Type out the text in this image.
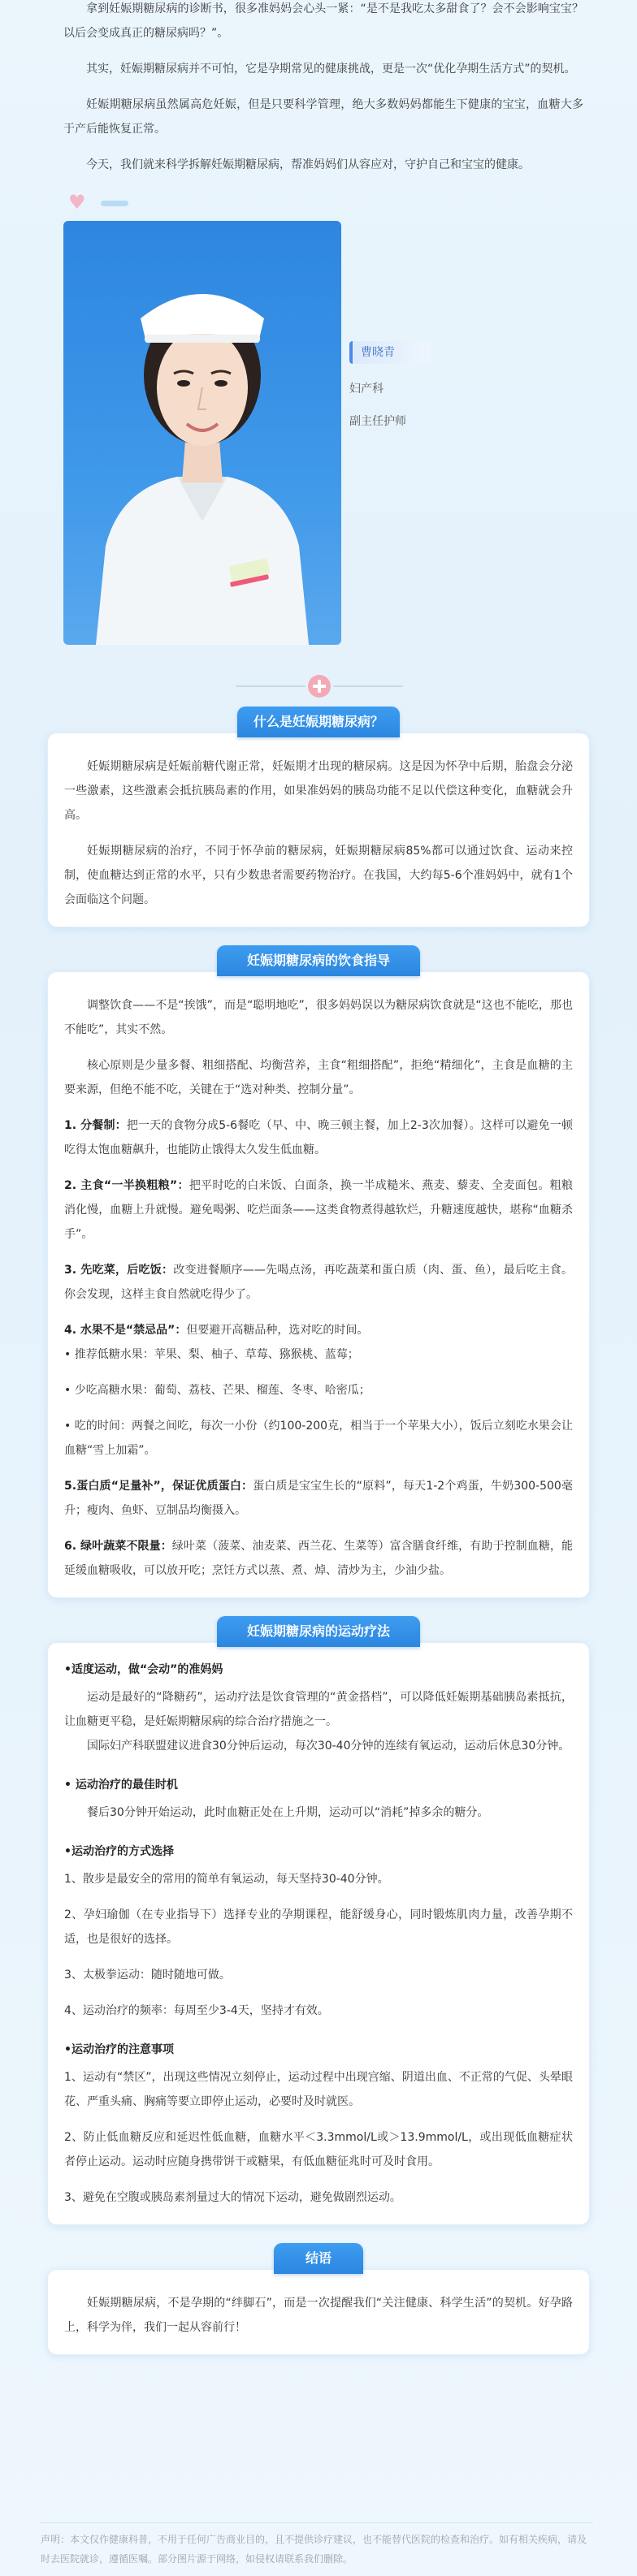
拿到妊娠期糖尿病的诊断书，很多准妈妈会心头一紧：“是不是我吃太多甜食了？会不会影响宝宝？以后会变成真正的糖尿病吗？”。

其实，妊娠期糖尿病并不可怕，它是孕期常见的健康挑战，更是一次“优化孕期生活方式”的契机。

妊娠期糖尿病虽然属高危妊娠，但是只要科学管理，绝大多数妈妈都能生下健康的宝宝，血糖大多于产后能恢复正常。

今天，我们就来科学拆解妊娠期糖尿病，帮准妈妈们从容应对，守护自己和宝宝的健康。

♥
曹晓青
妇产科
副主任护师
什么是妊娠期糖尿病？

妊娠期糖尿病是妊娠前糖代谢正常，妊娠期才出现的糖尿病。这是因为怀孕中后期，胎盘会分泌一些激素，这些激素会抵抗胰岛素的作用，如果准妈妈的胰岛功能不足以代偿这种变化，血糖就会升高。

妊娠期糖尿病的治疗，不同于怀孕前的糖尿病，妊娠期糖尿病85%都可以通过饮食、运动来控制，使血糖达到正常的水平，只有少数患者需要药物治疗。在我国，大约每5-6个准妈妈中，就有1个会面临这个问题。

妊娠期糖尿病的饮食指导

调整饮食——不是“挨饿”，而是“聪明地吃”，很多妈妈误以为糖尿病饮食就是“这也不能吃，那也不能吃”，其实不然。

核心原则是少量多餐、粗细搭配、均衡营养，主食“粗细搭配”，拒绝“精细化”，主食是血糖的主要来源，但绝不能不吃，关键在于“选对种类、控制分量”。

1. 分餐制：把一天的食物分成5-6餐吃（早、中、晚三顿主餐，加上2-3次加餐）。这样可以避免一顿吃得太饱血糖飙升，也能防止饿得太久发生低血糖。

2. 主食“一半换粗粮”：把平时吃的白米饭、白面条，换一半成糙米、燕麦、藜麦、全麦面包。粗粮消化慢，血糖上升就慢。避免喝粥、吃烂面条——这类食物煮得越软烂，升糖速度越快，堪称“血糖杀手”。

3. 先吃菜，后吃饭：改变进餐顺序——先喝点汤，再吃蔬菜和蛋白质（肉、蛋、鱼），最后吃主食。你会发现，这样主食自然就吃得少了。

4. 水果不是“禁忌品”：但要避开高糖品种，选对吃的时间。

• 推荐低糖水果：苹果、梨、柚子、草莓、猕猴桃、蓝莓；

• 少吃高糖水果：葡萄、荔枝、芒果、榴莲、冬枣、哈密瓜；

• 吃的时间：两餐之间吃，每次一小份（约100-200克，相当于一个苹果大小），饭后立刻吃水果会让血糖“雪上加霜”。

5.蛋白质“足量补”，保证优质蛋白：蛋白质是宝宝生长的“原料”，每天1-2个鸡蛋，牛奶300-500毫升；瘦肉、鱼虾、豆制品均衡摄入。

6. 绿叶蔬菜不限量：绿叶菜（菠菜、油麦菜、西兰花、生菜等）富含膳食纤维，有助于控制血糖，能延缓血糖吸收，可以放开吃；烹饪方式以蒸、煮、焯、清炒为主，少油少盐。

妊娠期糖尿病的运动疗法
•适度运动，做“会动”的准妈妈

运动是最好的“降糖药”，运动疗法是饮食管理的“黄金搭档”，可以降低妊娠期基础胰岛素抵抗，让血糖更平稳，是妊娠期糖尿病的综合治疗措施之一。

国际妇产科联盟建议进食30分钟后运动，每次30-40分钟的连续有氧运动，运动后休息30分钟。

• 运动治疗的最佳时机

餐后30分钟开始运动，此时血糖正处在上升期，运动可以“消耗”掉多余的糖分。

•运动治疗的方式选择

1、散步是最安全的常用的简单有氧运动，每天坚持30-40分钟。

2、孕妇瑜伽（在专业指导下）选择专业的孕期课程，能舒缓身心，同时锻炼肌肉力量，改善孕期不适，也是很好的选择。

3、太极拳运动：随时随地可做。

4、运动治疗的频率：每周至少3-4天，坚持才有效。

•运动治疗的注意事项

1、运动有“禁区”，出现这些情况立刻停止，运动过程中出现宫缩、阴道出血、不正常的气促、头晕眼花、严重头痛、胸痛等要立即停止运动，必要时及时就医。

2、防止低血糖反应和延迟性低血糖，血糖水平＜3.3mmol/L或＞13.9mmol/L，或出现低血糖症状者停止运动。运动时应随身携带饼干或糖果，有低血糖征兆时可及时食用。

3、避免在空腹或胰岛素剂量过大的情况下运动，避免做剧烈运动。

结语

妊娠期糖尿病，不是孕期的“绊脚石”，而是一次提醒我们“关注健康、科学生活”的契机。好孕路上，科学为伴，我们一起从容前行！

声明：本文仅作健康科普，不用于任何广告商业目的，且不提供诊疗建议，也不能替代医院的检查和治疗。如有相关疾病，请及时去医院就诊，遵循医嘱。部分图片源于网络，如侵权请联系我们删除。
